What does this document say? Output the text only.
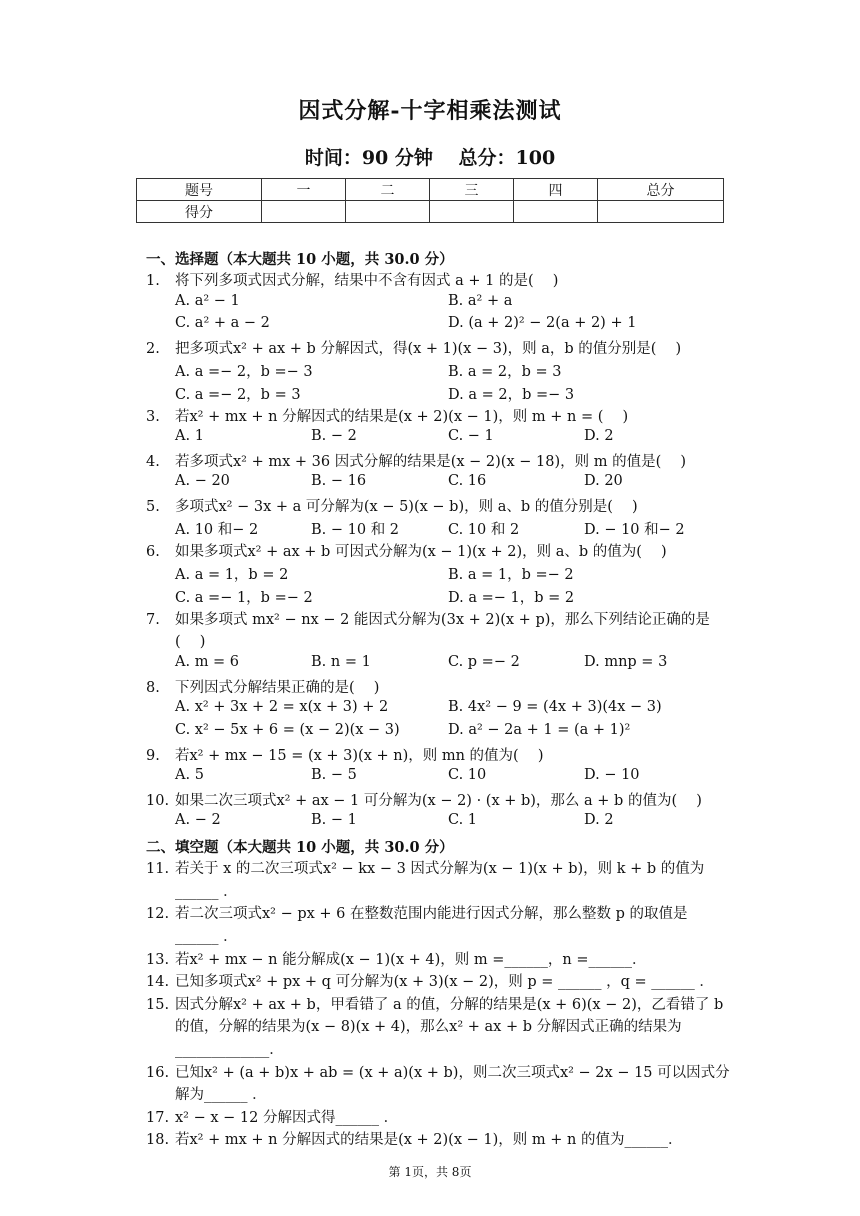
因式分解-十字相乘法测试
时间：90 分钟　 总分：100
题号	一	二	三	四	总分
得分					
一、选择题（本大题共 10 小题，共 30.0 分）
1. 将下列多项式因式分解，结果中不含有因式 a + 1 的是(　 )
A. a² − 1	B. a² + a
C. a² + a − 2	D. (a + 2)² − 2(a + 2) + 1
2. 把多项式x² + ax + b 分解因式，得(x + 1)(x − 3)，则 a，b 的值分别是(　 )
A. a =− 2，b =− 3	B. a = 2，b = 3
C. a =− 2，b = 3	D. a = 2，b =− 3
3. 若x² + mx + n 分解因式的结果是(x + 2)(x − 1)，则 m + n = (　 )
A. 1	B. − 2	C. − 1	D. 2
4. 若多项式x² + mx + 36 因式分解的结果是(x − 2)(x − 18)，则 m 的值是(　 )
A. − 20	B. − 16	C. 16	D. 20
5. 多项式x² − 3x + a 可分解为(x − 5)(x − b)，则 a、b 的值分别是(　 )
A. 10 和− 2	B. − 10 和 2	C. 10 和 2	D. − 10 和− 2
6. 如果多项式x² + ax + b 可因式分解为(x − 1)(x + 2)，则 a、b 的值为(　 )
A. a = 1，b = 2	B. a = 1，b =− 2
C. a =− 1，b =− 2	D. a =− 1，b = 2
7. 如果多项式 mx² − nx − 2 能因式分解为(3x + 2)(x + p)，那么下列结论正确的是
(　 )
A. m = 6	B. n = 1	C. p =− 2	D. mnp = 3
8. 下列因式分解结果正确的是(　 )
A. x² + 3x + 2 = x(x + 3) + 2	B. 4x² − 9 = (4x + 3)(4x − 3)
C. x² − 5x + 6 = (x − 2)(x − 3)	D. a² − 2a + 1 = (a + 1)²
9. 若x² + mx − 15 = (x + 3)(x + n)，则 mn 的值为(　 )
A. 5	B. − 5	C. 10	D. − 10
10. 如果二次三项式x² + ax − 1 可分解为(x − 2) · (x + b)，那么 a + b 的值为(　 )
A. − 2	B. − 1	C. 1	D. 2
二、填空题（本大题共 10 小题，共 30.0 分）
11. 若关于 x 的二次三项式x² − kx − 3 因式分解为(x − 1)(x + b)，则 k + b 的值为
______ ．
12. 若二次三项式x² − px + 6 在整数范围内能进行因式分解，那么整数 p 的取值是
______ ．
13. 若x² + mx − n 能分解成(x − 1)(x + 4)，则 m =______，n =______．
14. 已知多项式x² + px + q 可分解为(x + 3)(x − 2)，则 p = ______ ，q = ______ ．
15. 因式分解x² + ax + b，甲看错了 a 的值，分解的结果是(x + 6)(x − 2)，乙看错了 b
的值，分解的结果为(x − 8)(x + 4)，那么x² + ax + b 分解因式正确的结果为
_____________．
16. 已知x² + (a + b)x + ab = (x + a)(x + b)，则二次三项式x² − 2x − 15 可以因式分
解为______ ．
17. x² − x − 12 分解因式得______ ．
18. 若x² + mx + n 分解因式的结果是(x + 2)(x − 1)，则 m + n 的值为______．
第 1页，共 8页
